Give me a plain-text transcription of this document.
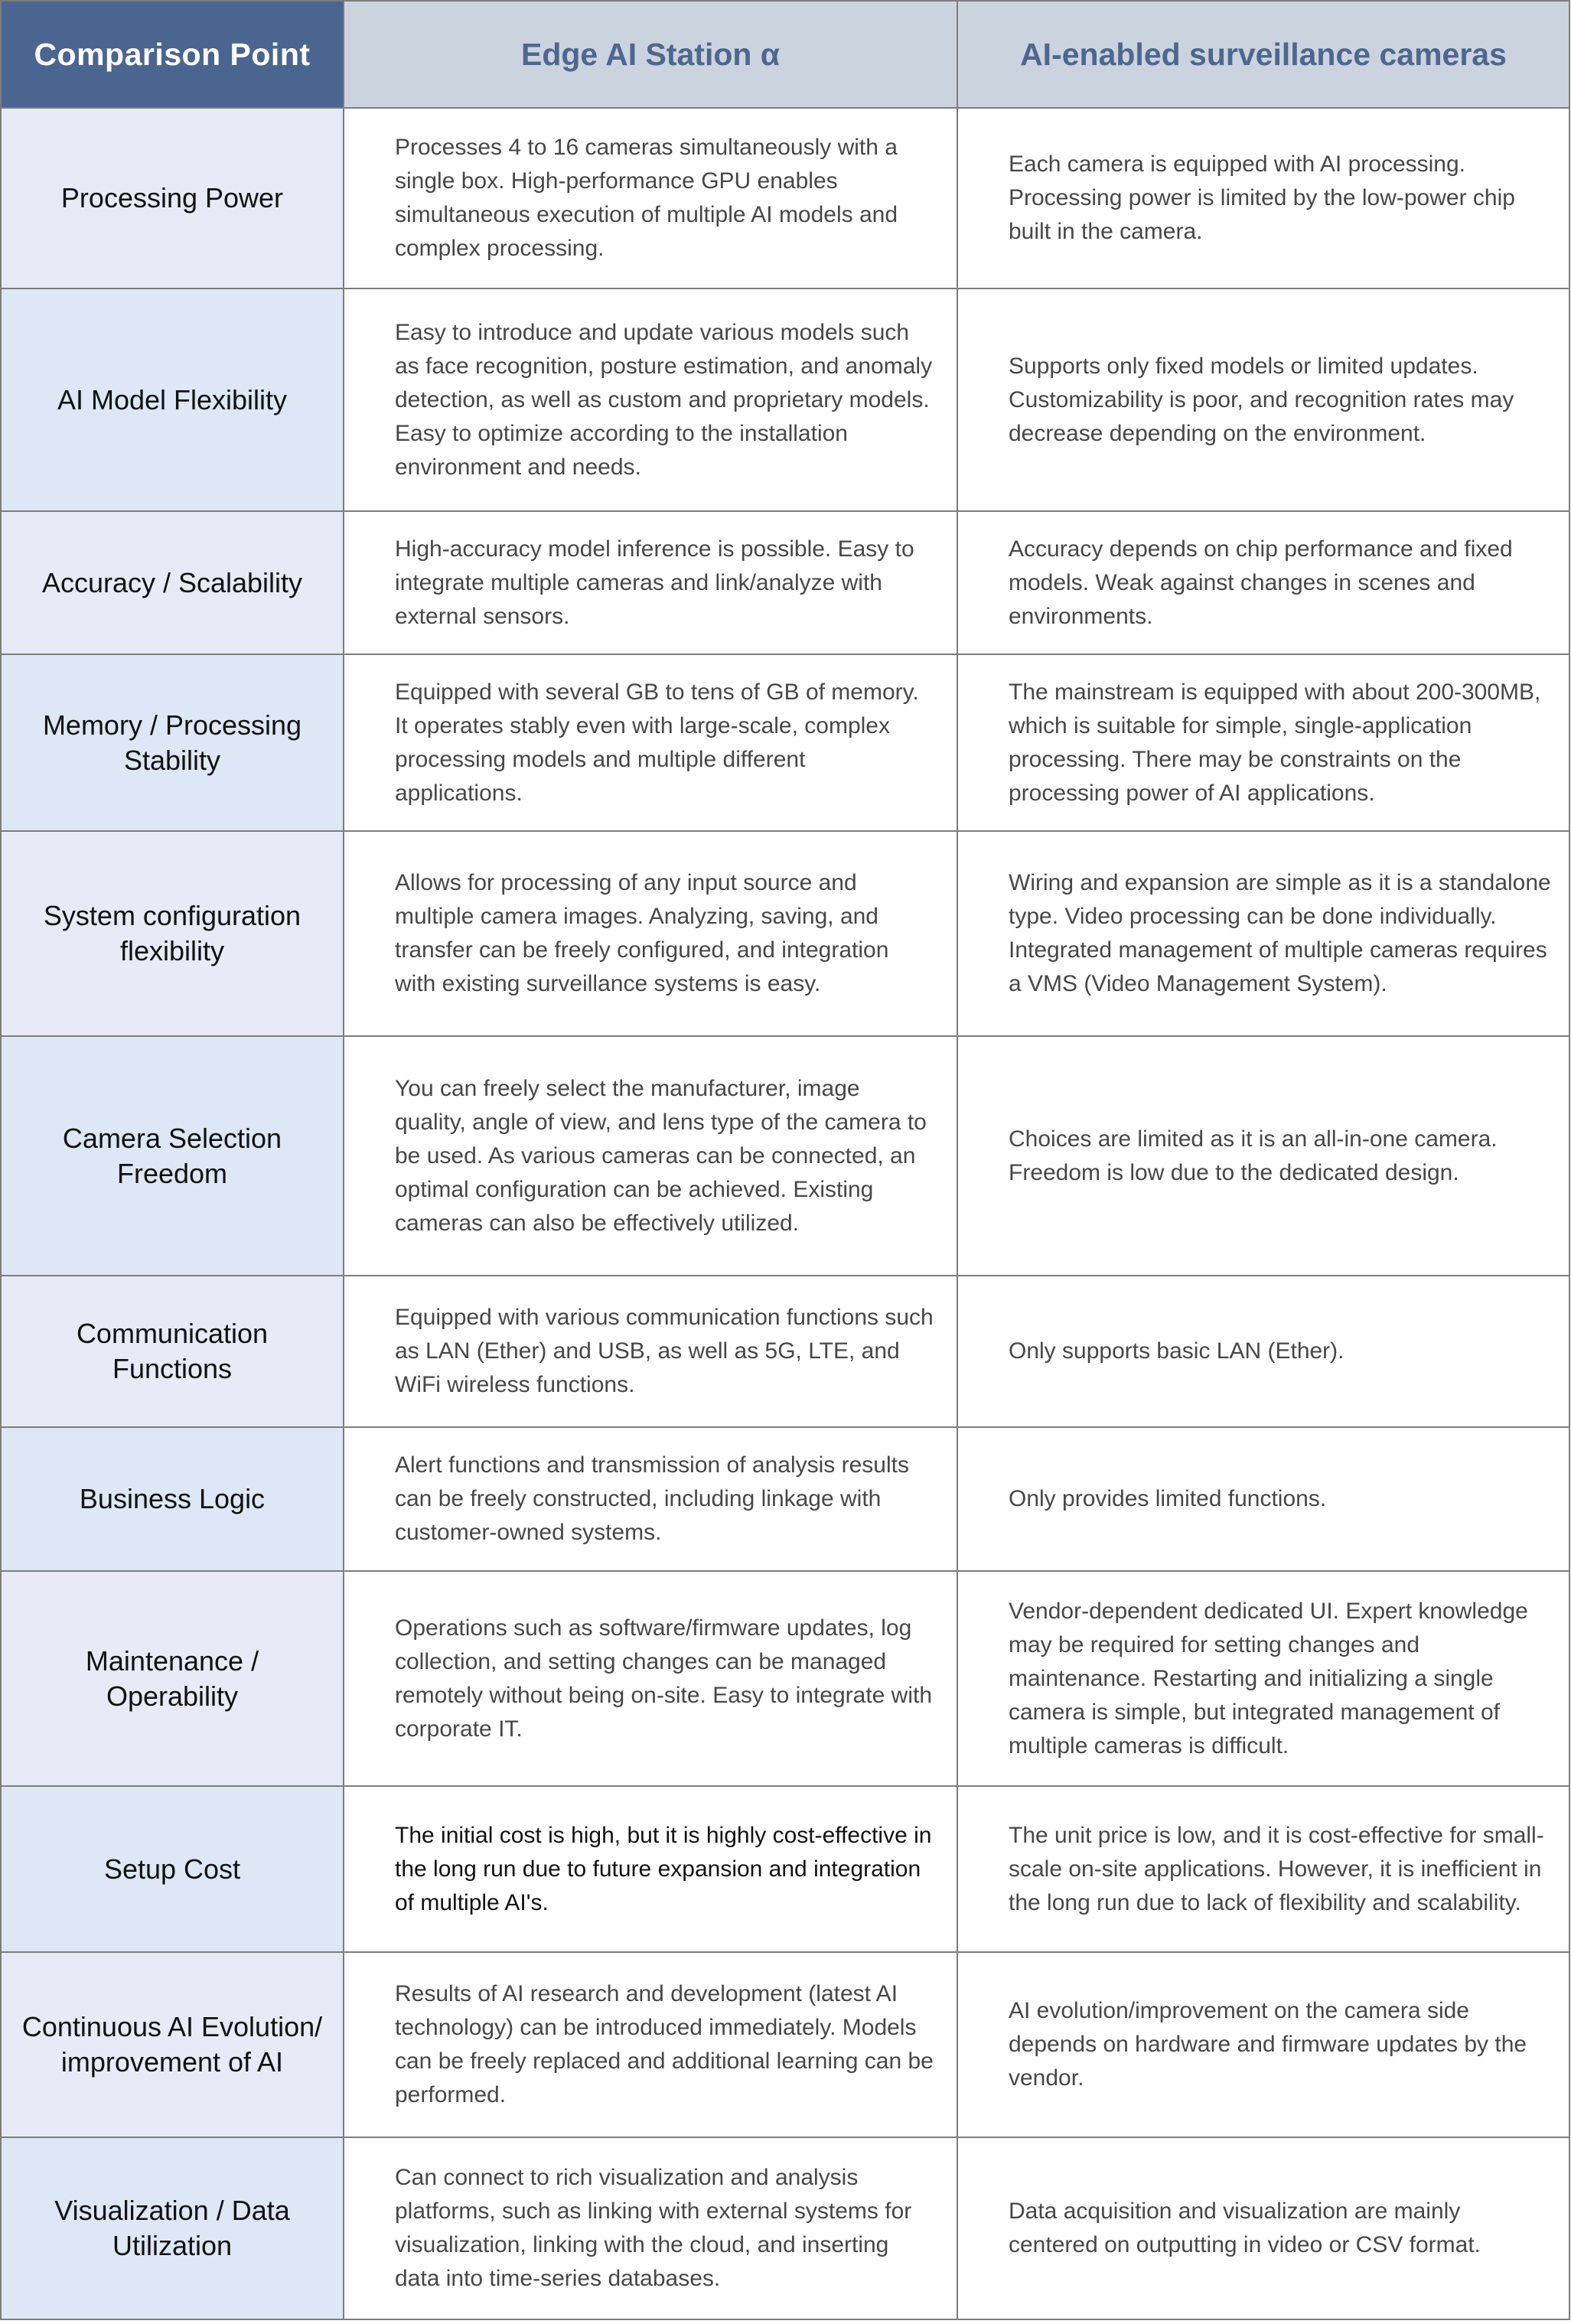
Comparison Point	Edge AI Station α	AI-enabled surveillance cameras
Processing Power	Processes 4 to 16 cameras simultaneously with a single box. High-performance GPU enables simultaneous execution of multiple AI models and complex processing.	Each camera is equipped with AI processing. Processing power is limited by the low-power chip built in the camera.
AI Model Flexibility	Easy to introduce and update various models such as face recognition, posture estimation, and anomaly detection, as well as custom and proprietary models. Easy to optimize according to the installation environment and needs.	Supports only fixed models or limited updates. Customizability is poor, and recognition rates may decrease depending on the environment.
Accuracy / Scalability	High-accuracy model inference is possible. Easy to integrate multiple cameras and link/analyze with external sensors.	Accuracy depends on chip performance and fixed models. Weak against changes in scenes and environments.
Memory / Processing Stability	Equipped with several GB to tens of GB of memory. It operates stably even with large-scale, complex processing models and multiple different applications.	The mainstream is equipped with about 200-300MB, which is suitable for simple, single-application processing. There may be constraints on the processing power of AI applications.
System configuration flexibility	Allows for processing of any input source and multiple camera images. Analyzing, saving, and transfer can be freely configured, and integration with existing surveillance systems is easy.	Wiring and expansion are simple as it is a standalone type. Video processing can be done individually. Integrated management of multiple cameras requires a VMS (Video Management System).
Camera Selection Freedom	You can freely select the manufacturer, image quality, angle of view, and lens type of the camera to be used. As various cameras can be connected, an optimal configuration can be achieved. Existing cameras can also be effectively utilized.	Choices are limited as it is an all-in-one camera. Freedom is low due to the dedicated design.
Communication Functions	Equipped with various communication functions such as LAN (Ether) and USB, as well as 5G, LTE, and WiFi wireless functions.	Only supports basic LAN (Ether).
Business Logic	Alert functions and transmission of analysis results can be freely constructed, including linkage with customer-owned systems.	Only provides limited functions.
Maintenance / Operability	Operations such as software/firmware updates, log collection, and setting changes can be managed remotely without being on-site. Easy to integrate with corporate IT.	Vendor-dependent dedicated UI. Expert knowledge may be required for setting changes and maintenance. Restarting and initializing a single camera is simple, but integrated management of multiple cameras is difficult.
Setup Cost	The initial cost is high, but it is highly cost-effective in the long run due to future expansion and integration of multiple AI's.	The unit price is low, and it is cost-effective for small-scale on-site applications. However, it is inefficient in the long run due to lack of flexibility and scalability.
Continuous AI Evolution/ improvement of AI	Results of AI research and development (latest AI technology) can be introduced immediately. Models can be freely replaced and additional learning can be performed.	AI evolution/improvement on the camera side depends on hardware and firmware updates by the vendor.
Visualization / Data Utilization	Can connect to rich visualization and analysis platforms, such as linking with external systems for visualization, linking with the cloud, and inserting data into time-series databases.	Data acquisition and visualization are mainly centered on outputting in video or CSV format.
